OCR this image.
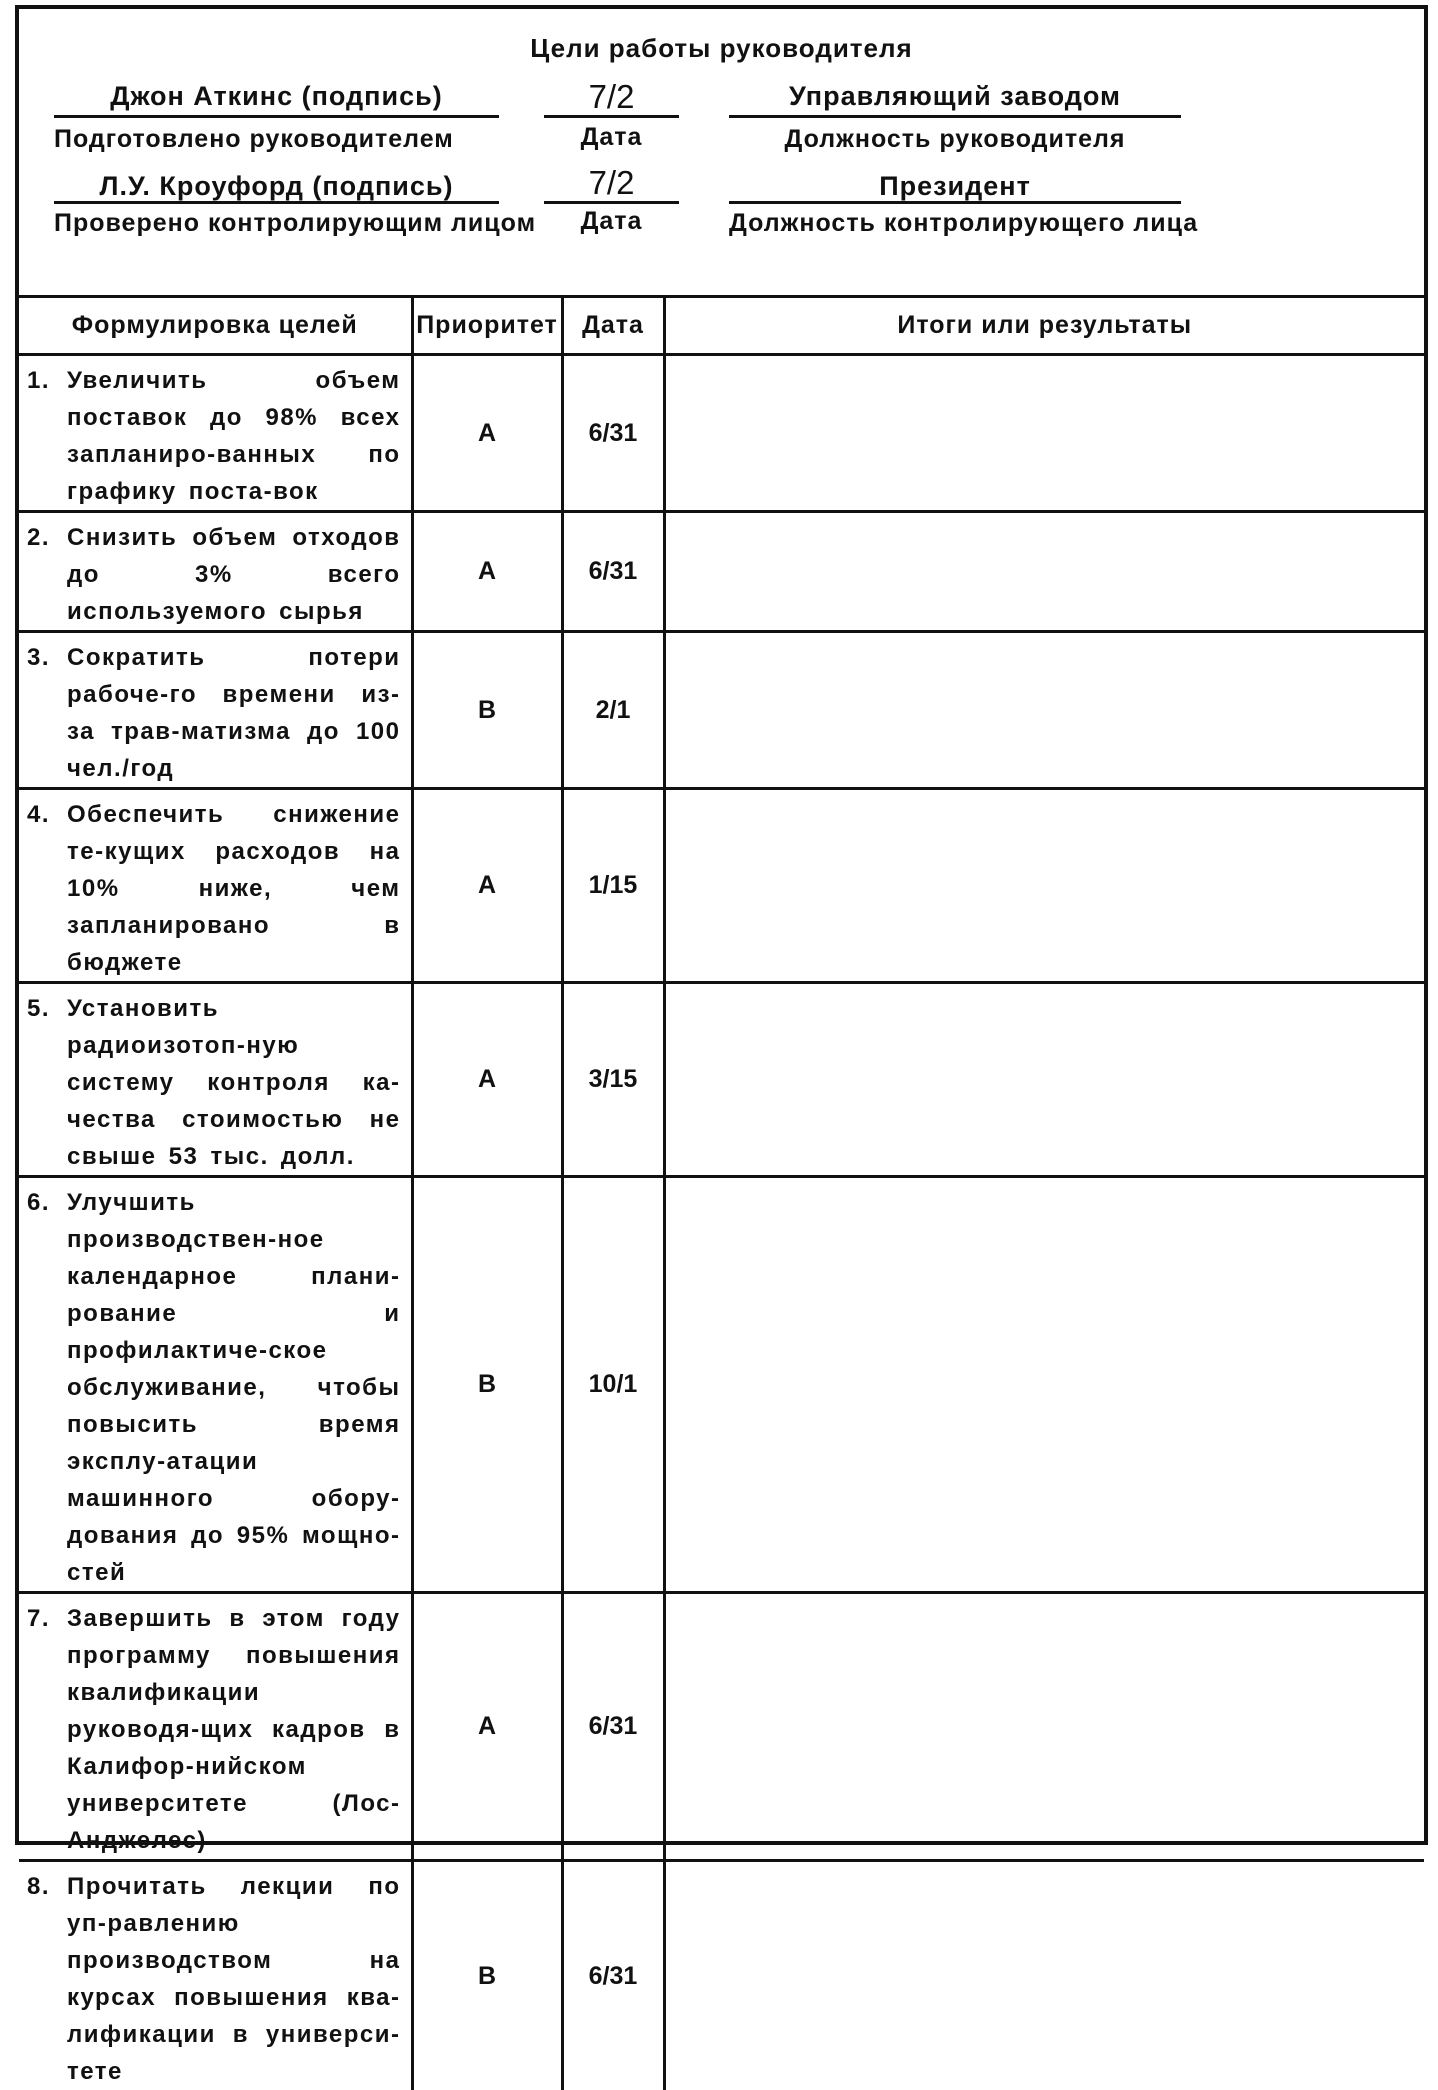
Цели работы руководителя
Джон Аткинс (подпись)
Подготовлено руководителем
7/2
Дата
Управляющий заводом
Должность руководителя
Л.У. Кроуфорд (подпись)
Проверено контролирующим лицом
7/2
Дата
Президент
Должность контролирующего лица
Формулировка целей	Приоритет	Дата	Итоги или результаты

1. Увеличить объем поставок до 98% всех запланиро-ванных по графику поста-вок	А	6/31	

2. Снизить объем отходов до 3% всего используемого сырья	А	6/31	

3. Сократить потери рабоче-го времени из-за трав-матизма до 100 чел./год	В	2/1	

4. Обеспечить снижение те-кущих расходов на 10% ниже, чем запланировано в бюджете	А	1/15	

5. Установить радиоизотоп-ную систему контроля ка-чества стоимостью не свыше 53 тыс. долл.	А	3/15	

6. Улучшить производствен-ное календарное плани-рование и профилактиче-ское обслуживание, чтобы повысить время эксплу-атации машинного обору-дования до 95% мощно-стей	В	10/1	

7. Завершить в этом году программу повышения квалификации руководя-щих кадров в Калифор-нийском университете (Лос-Анджелес)	А	6/31	

8. Прочитать лекции по уп-равлению производством на курсах повышения ква-лификации в универси-тете	В	6/31	
